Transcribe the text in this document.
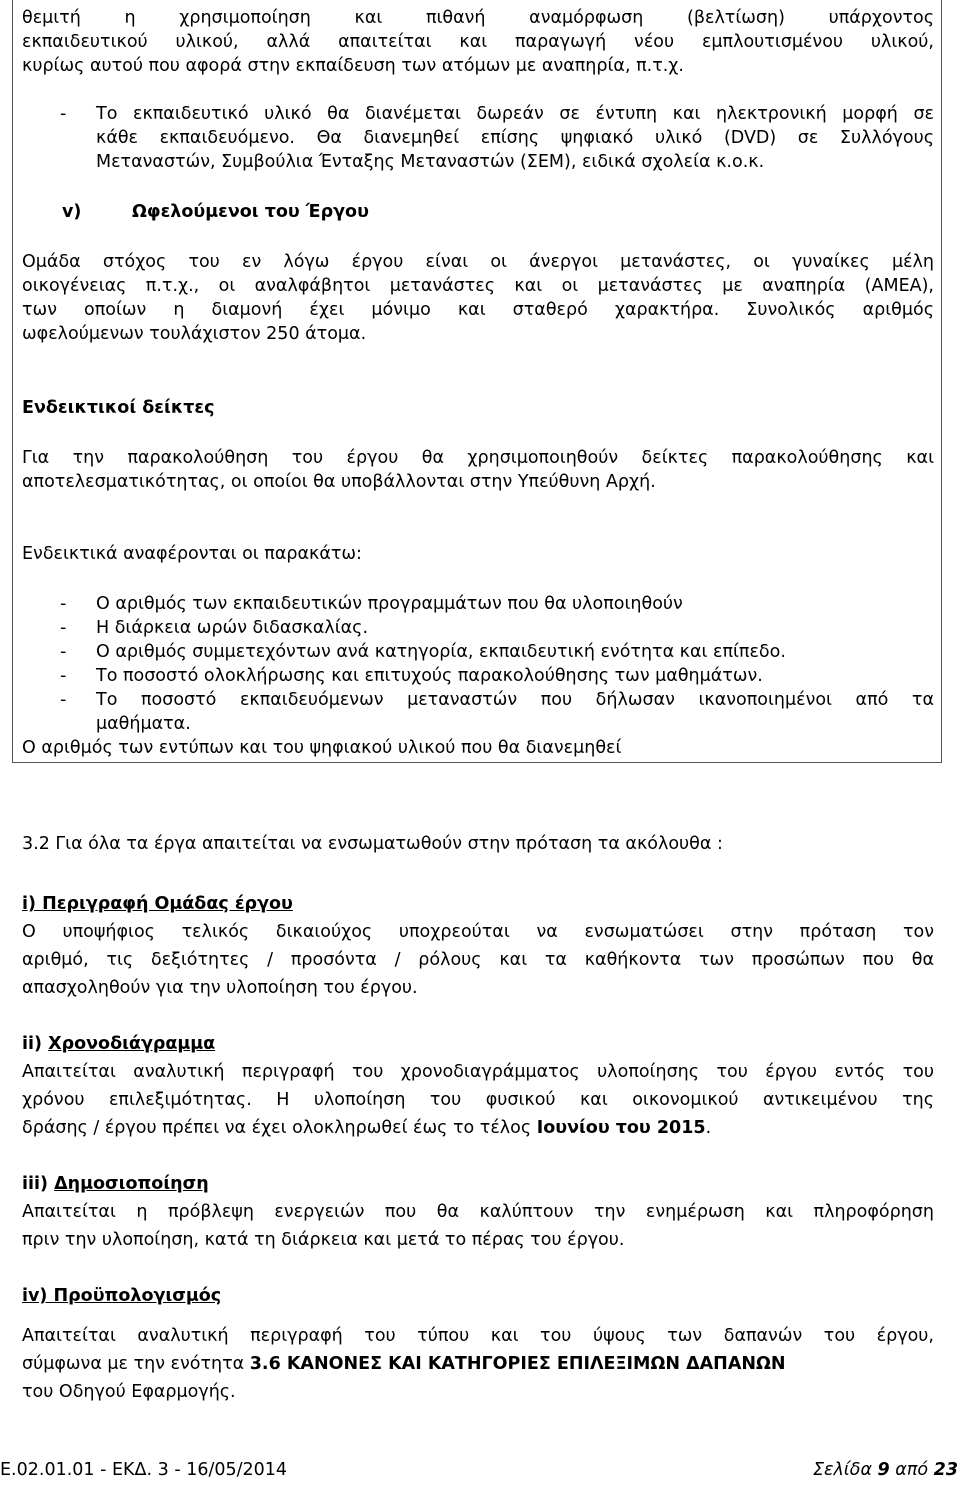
θεμιτή η χρησιμοποίηση και πιθανή αναμόρφωση (βελτίωση) υπάρχοντος
εκπαιδευτικού υλικού, αλλά απαιτείται και παραγωγή νέου εμπλουτισμένου υλικού,
κυρίως αυτού που αφορά στην εκπαίδευση των ατόμων με αναπηρία, π.τ.χ.
- Το εκπαιδευτικό υλικό θα διανέμεται δωρεάν σε έντυπη και ηλεκτρονική μορφή σε
κάθε εκπαιδευόμενο. Θα διανεμηθεί επίσης ψηφιακό υλικό (DVD) σε Συλλόγους
Μεταναστών, Συμβούλια Ένταξης Μεταναστών (ΣΕΜ), ειδικά σχολεία κ.ο.κ.
v)	Ωφελούμενοι του Έργου
Ομάδα στόχος του εν λόγω έργου είναι οι άνεργοι μετανάστες, οι γυναίκες μέλη
οικογένειας π.τ.χ., οι αναλφάβητοι μετανάστες και οι μετανάστες με αναπηρία (ΑΜΕΑ),
των οποίων η διαμονή έχει μόνιμο και σταθερό χαρακτήρα. Συνολικός αριθμός
ωφελούμενων τουλάχιστον 250 άτομα.
Ενδεικτικοί δείκτες
Για την παρακολούθηση του έργου θα χρησιμοποιηθούν δείκτες παρακολούθησης και
αποτελεσματικότητας, οι οποίοι θα υποβάλλονται στην Υπεύθυνη Αρχή.
Ενδεικτικά αναφέρονται οι παρακάτω:
- Ο αριθμός των εκπαιδευτικών προγραμμάτων που θα υλοποιηθούν
- Η διάρκεια ωρών διδασκαλίας.
- Ο αριθμός συμμετεχόντων ανά κατηγορία, εκπαιδευτική ενότητα και επίπεδο.
- Το ποσοστό ολοκλήρωσης και επιτυχούς παρακολούθησης των μαθημάτων.
- Το ποσοστό εκπαιδευόμενων μεταναστών που δήλωσαν ικανοποιημένοι από τα
μαθήματα.
Ο αριθμός των εντύπων και του ψηφιακού υλικού που θα διανεμηθεί
3.2 Για όλα τα έργα απαιτείται να ενσωματωθούν στην πρόταση τα ακόλουθα :
i) Περιγραφή Ομάδας έργου
Ο υποψήφιος τελικός δικαιούχος υποχρεούται να ενσωματώσει στην πρόταση τον
αριθμό, τις δεξιότητες / προσόντα / ρόλους και τα καθήκοντα των προσώπων που θα
απασχοληθούν για την υλοποίηση του έργου.
ii) Χρονοδιάγραμμα
Απαιτείται αναλυτική περιγραφή του χρονοδιαγράμματος υλοποίησης του έργου εντός του
χρόνου επιλεξιμότητας. Η υλοποίηση του φυσικού και οικονομικού αντικειμένου της
δράσης / έργου πρέπει να έχει ολοκληρωθεί έως το τέλος Ιουνίου του 2015.
iii) Δημοσιοποίηση
Απαιτείται η πρόβλεψη ενεργειών που θα καλύπτουν την ενημέρωση και πληροφόρηση
πριν την υλοποίηση, κατά τη διάρκεια και μετά το πέρας του έργου.
iv) Προϋπολογισμός
Απαιτείται αναλυτική περιγραφή του τύπου και του ύψους των δαπανών του έργου,
σύμφωνα με την ενότητα 3.6 ΚΑΝΟΝΕΣ ΚΑΙ ΚΑΤΗΓΟΡΙΕΣ ΕΠΙΛΕΞΙΜΩΝ ΔΑΠΑΝΩΝ
του Οδηγού Εφαρμογής.
Ε.02.01.01 - ΕΚΔ. 3 - 16/05/2014	Σελίδα 9 από 23
